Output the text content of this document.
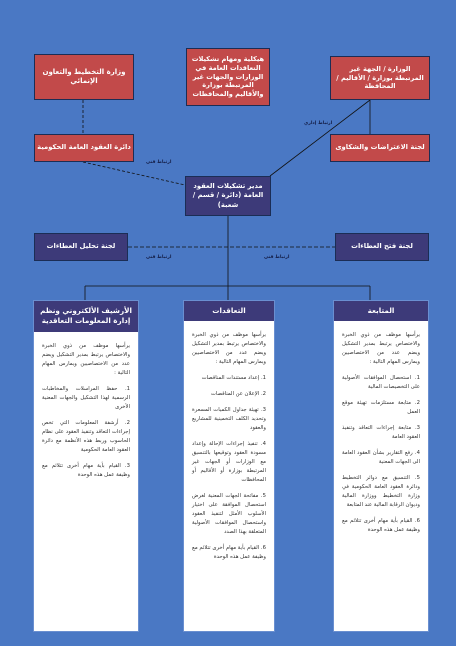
وزارة التخطيط والتعاون الإنمائي
هيكلية ومهام تشكيلات التعاقدات العامة في الوزارات والجهات غير المرتبطة بوزارة والأقاليم والمحافظات
الوزارة / الجهة غير المرتبطة بوزارة / الأقاليم / المحافظة
دائرة العقود العامة الحكومية	لجنة الاعتراضات والشكاوى
مدير تشكيلات العقود العامة (دائرة / قسم / شعبة)
لجنة تحليل العطاءات	لجنة فتح العطاءات
ارتباط إداري
ارتباط فني
ارتباط فني	ارتباط فني
الأرشيف الألكتروني ونظم إدارة المعلومات التعاقدية

يرأسها موظف من ذوي الخبرة والاختصاص يرتبط بمدير التشكيل ويضم عدد من الاختصاصيين ويمارس المهام التالية :

1. حفظ المراسلات والمخاطبات الرسمية لهذا التشكيل والجهات المعنية الأخرى

2. أرشفة المعلومات التي تخص إجراءات التعاقد وتنفيذ العقود على نظام الحاسوب وربط هذه الأنظمة مع دائرة العقود العامة الحكومية

3. القيام بأية مهام أخرى تتلائم مع وظيفة عمل هذه الوحدة

التعاقدات

يرأسها موظف من ذوي الخبرة والاختصاص يرتبط بمدير التشكيل ويضم عدد من الاختصاصيين ويمارس المهام التالية :

1. إعداد مستندات المناقصات

2. الإعلان عن المناقصات

3. تهيئة جداول الكميات المسعرة وتحديد الكلف التخمينية للمشاريع والعقود

4. تنفيذ إجراءات الإحالة وإعداد مسودة العقود وتوقيعها بالتنسيق مع الوزارات أو الجهات غير المرتبطة بوزارة أو الأقاليم أو المحافظات

5. مفاتحة الجهات المعنية لغرض استحصال الموافقة على اختيار الأسلوب الأمثل لتنفيذ العقود واستحصال الموافقات الأصولية المتعلقة بهذا الصدد

6. القيام بأية مهام أخرى تتلائم مع وظيفة عمل هذه الوحدة

المتابعة

يرأسها موظف من ذوي الخبرة والاختصاص يرتبط بمدير التشكيل ويضم عدد من الاختصاصيين ويمارس المهام التالية :

1. استحصال الموافقات الأصولية على التخصيصات المالية

2. متابعة مستلزمات تهيئة موقع العمل

3. متابعة إجراءات التعاقد وتنفيذ العقود العامة

4. رفع التقارير بشأن العقود العامة الى الجهات المعنية

5. التنسيق مع دوائر التخطيط ودائرة العقود العامة الحكومية في وزارة التخطيط ووزارة المالية وديوان الرقابة المالية عند المتابعة

6. القيام بأية مهام أخرى تتلائم مع وظيفة عمل هذه الوحدة
